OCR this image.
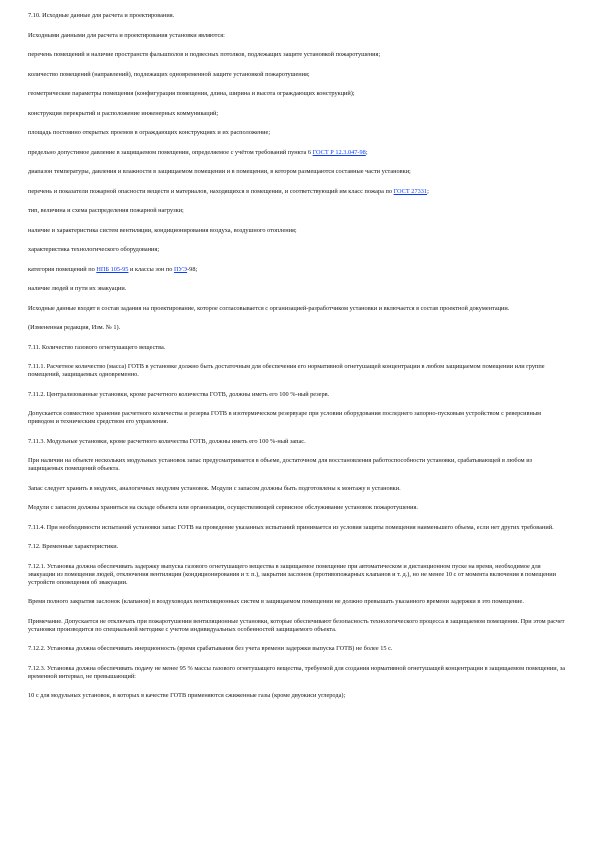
7.10. Исходные данные для расчета и проектирования.

Исходными данными для расчета и проектирования установки являются:

перечень помещений и наличие пространств фальшполов и подвесных потолков, подлежащих защите установкой пожаротушения;

количество помещений (направлений), подлежащих одновременной защите установкой пожаротушения;

геометрические параметры помещения (конфигурация помещения, длина, ширина и высота ограждающих конструкций);

конструкция перекрытий и расположение инженерных коммуникаций;

площадь постоянно открытых проемов в ограждающих конструкциях и их расположение;

предельно допустимое давление в защищаемом помещении, определяемое с учётом требований пункта 6 ГОСТ Р 12.3.047-98;

диапазон температуры, давления и влажности в защищаемом помещении и в помещении, в котором размещаются составные части установки;

перечень и показатели пожарной опасности веществ и материалов, находящихся в помещении, и соответствующий им класс пожара по ГОСТ 27331;

тип, величина и схема распределения пожарной нагрузки;

наличие и характеристика систем вентиляции, кондиционирования воздуха, воздушного отопления;

характеристика технологического оборудования;

категория помещений по НПБ 105-95 и классы зон по ПУЭ-98;

наличие людей и пути их эвакуации.

Исходные данные входят в состав задания на проектирование, которое согласовывается с организацией-разработчиком установки и включается в состав проектной документации.

(Измененная редакция, Изм. № 1).

7.11. Количество газового огнетушащего вещества.

7.11.1. Расчетное количество (масса) ГОТВ в установке должно быть достаточным для обеспечения его нормативной огнетушащей концентрации в любом защищаемом помещении или группе помещений, защищаемых одновременно.

7.11.2. Централизованные установки, кроме расчетного количества ГОТВ, должны иметь его 100 %-ный резерв.

Допускается совместное хранение расчетного количества и резерва ГОТВ в изотермическом резервуаре при условии оборудования последнего запорно-пусковым устройством с реверсивным приводом и техническим средством его управления.

7.11.3. Модульные установки, кроме расчетного количества ГОТВ, должны иметь его 100 %-ный запас.

При наличии на объекте нескольких модульных установок запас предусматривается в объеме, достаточном для восстановления работоспособности установки, срабатывающей в любом из защищаемых помещений объекта.

Запас следует хранить в модулях, аналогичных модулям установок. Модули с запасом должны быть подготовлены к монтажу в установки.

Модули с запасом должны храниться на складе объекта или организации, осуществляющей сервисное обслуживание установок пожаротушения.

7.11.4. При необходимости испытаний установки запас ГОТВ на проведение указанных испытаний принимается из условия защиты помещения наименьшего объема, если нет других требований.

7.12. Временные характеристики.

7.12.1. Установка должна обеспечивать задержку выпуска газового огнетушащего вещества в защищаемое помещение при автоматическом и дистанционном пуске на время, необходимое для эвакуации из помещения людей, отключения вентиляции (кондиционирования и т. п.), закрытия заслонок (противопожарных клапанов и т. д.), но не менее 10 с от момента включения в помещении устройств оповещения об эвакуации.

Время полного закрытия заслонок (клапанов) в воздуховодах вентиляционных систем в защищаемом помещении не должно превышать указанного времени задержки в это помещение.

Примечание. Допускается не отключать при пожаротушении вентиляционные установки, которые обеспечивают безопасность технологического процесса в защищаемом помещении. При этом расчет установки производится по специальной методике с учетом индивидуальных особенностей защищаемого объекта.

7.12.2. Установка должна обеспечивать инерционность (время срабатывания без учета времени задержки выпуска ГОТВ) не более 15 с.

7.12.3. Установка должна обеспечивать подачу не менее 95 % массы газового огнетушащего вещества, требуемой для создания нормативной огнетушащей концентрации в защищаемом помещении, за временной интервал, не превышающий:

10 с для модульных установок, в которых в качестве ГОТВ применяются сжиженные газы (кроме двуокиси углерода);
